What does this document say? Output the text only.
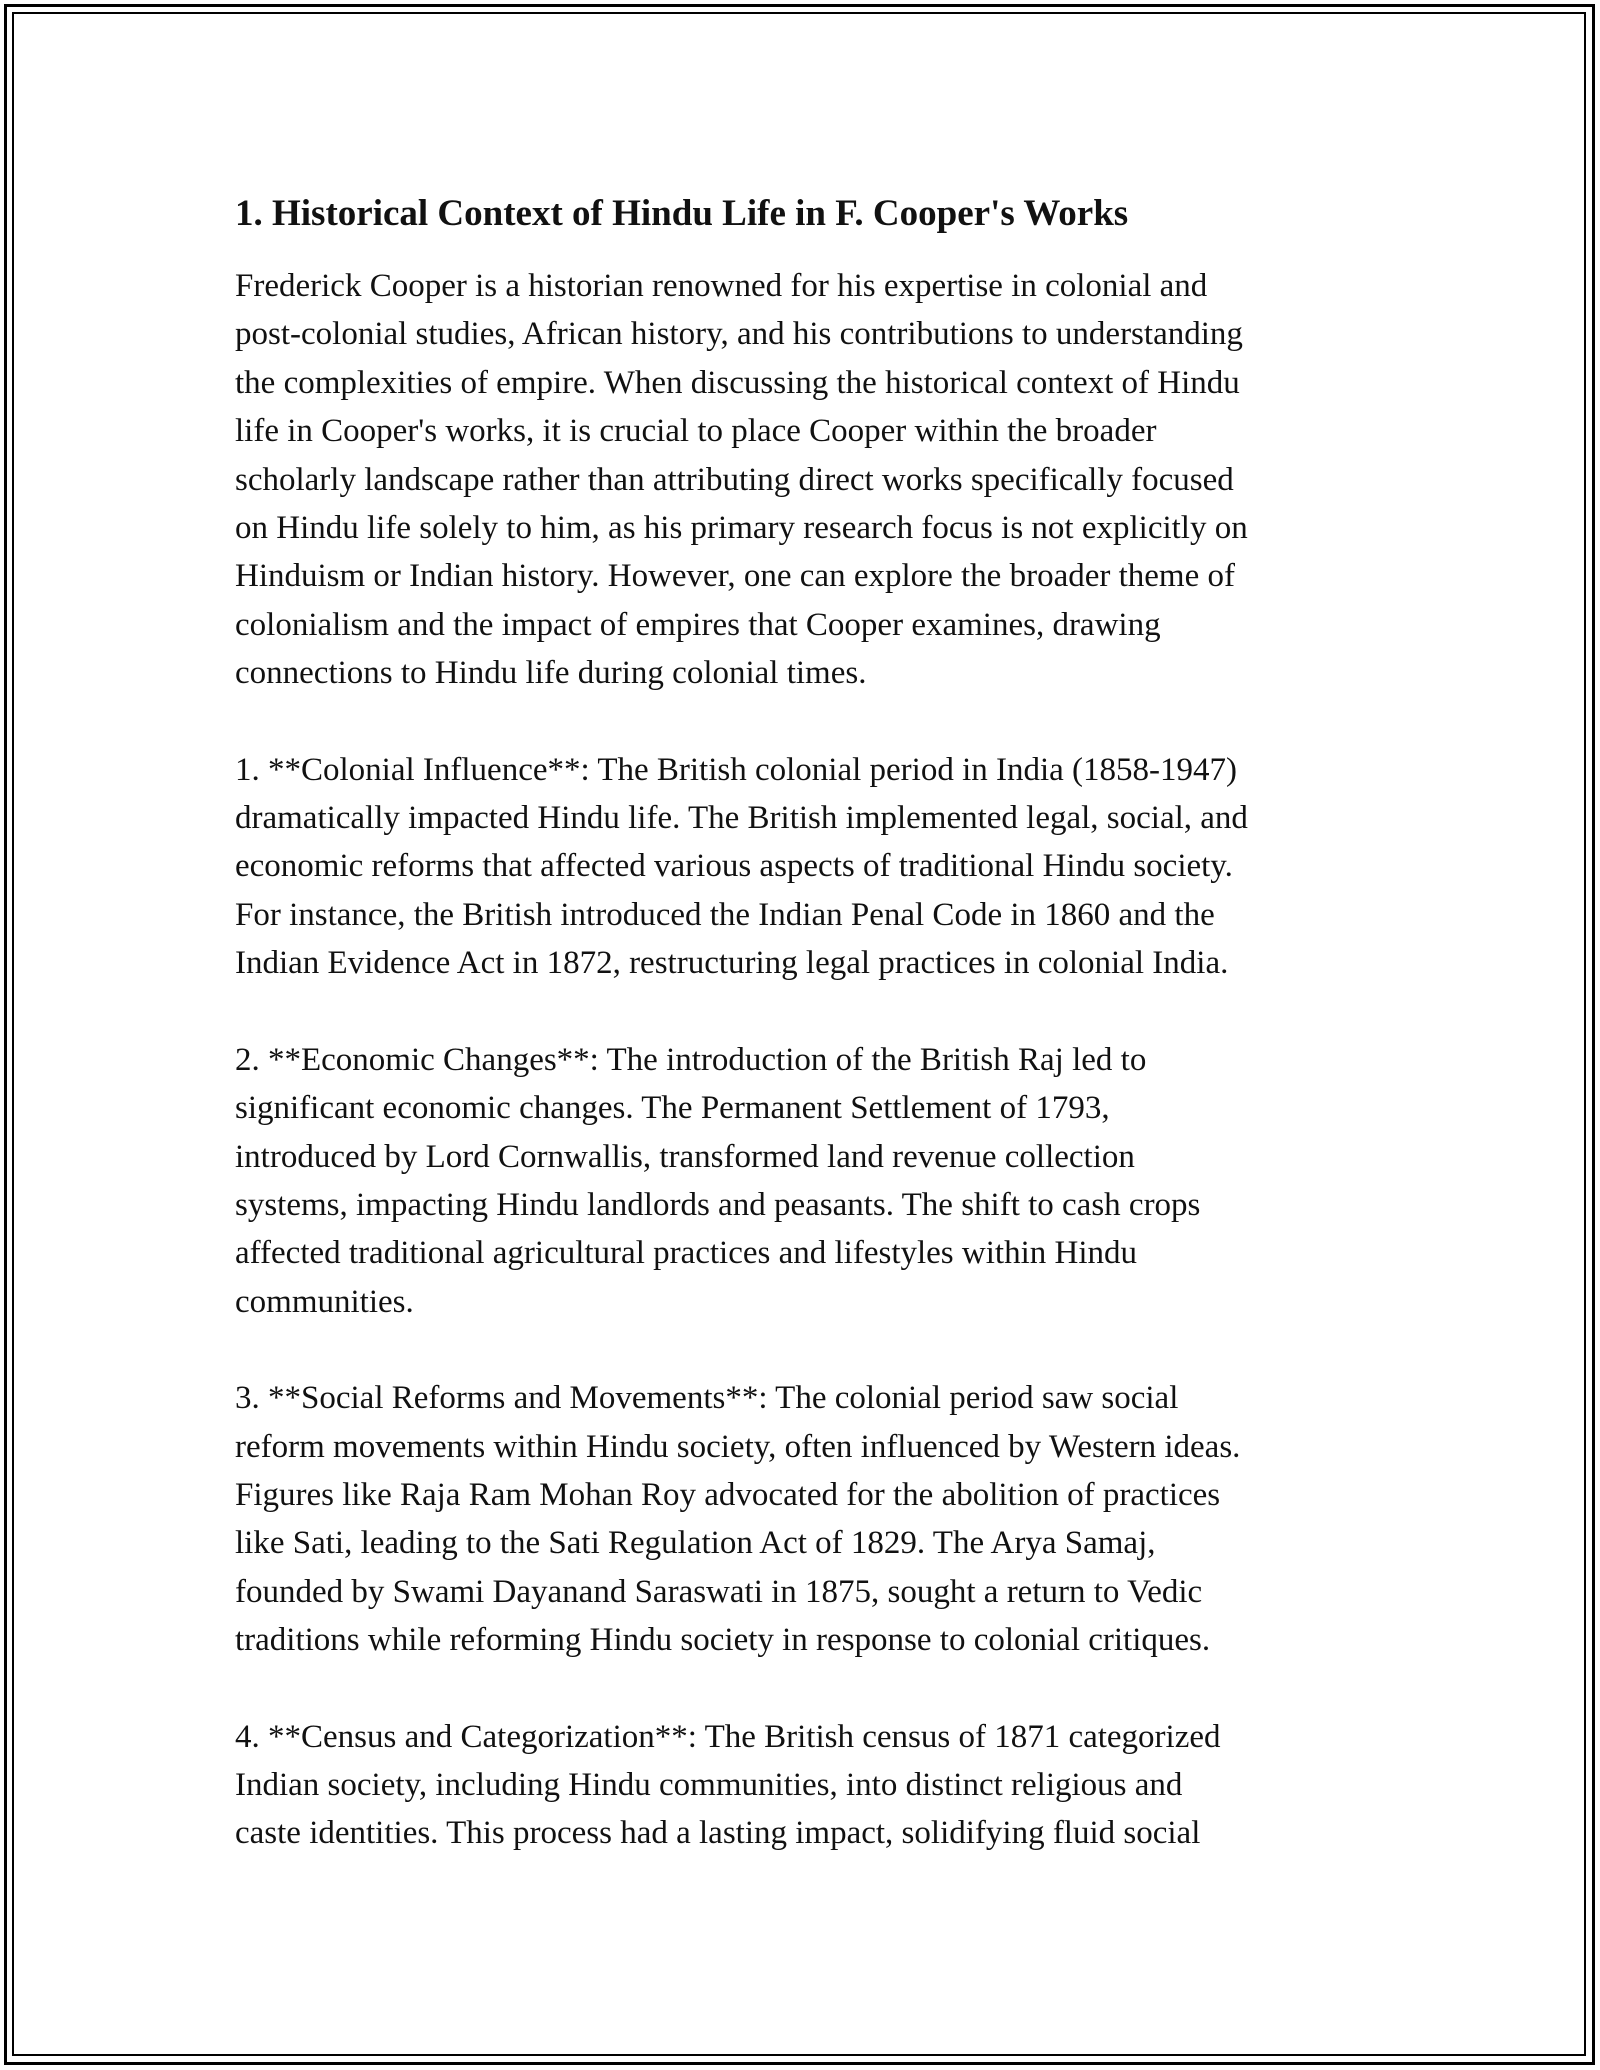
1. Historical Context of Hindu Life in F. Cooper's Works

Frederick Cooper is a historian renowned for his expertise in colonial and
post-colonial studies, African history, and his contributions to understanding
the complexities of empire. When discussing the historical context of Hindu
life in Cooper's works, it is crucial to place Cooper within the broader
scholarly landscape rather than attributing direct works specifically focused
on Hindu life solely to him, as his primary research focus is not explicitly on
Hinduism or Indian history. However, one can explore the broader theme of
colonialism and the impact of empires that Cooper examines, drawing
connections to Hindu life during colonial times.

1. **Colonial Influence**: The British colonial period in India (1858-1947)
dramatically impacted Hindu life. The British implemented legal, social, and
economic reforms that affected various aspects of traditional Hindu society.
For instance, the British introduced the Indian Penal Code in 1860 and the
Indian Evidence Act in 1872, restructuring legal practices in colonial India.

2. **Economic Changes**: The introduction of the British Raj led to
significant economic changes. The Permanent Settlement of 1793,
introduced by Lord Cornwallis, transformed land revenue collection
systems, impacting Hindu landlords and peasants. The shift to cash crops
affected traditional agricultural practices and lifestyles within Hindu
communities.

3. **Social Reforms and Movements**: The colonial period saw social
reform movements within Hindu society, often influenced by Western ideas.
Figures like Raja Ram Mohan Roy advocated for the abolition of practices
like Sati, leading to the Sati Regulation Act of 1829. The Arya Samaj,
founded by Swami Dayanand Saraswati in 1875, sought a return to Vedic
traditions while reforming Hindu society in response to colonial critiques.

4. **Census and Categorization**: The British census of 1871 categorized
Indian society, including Hindu communities, into distinct religious and
caste identities. This process had a lasting impact, solidifying fluid social
